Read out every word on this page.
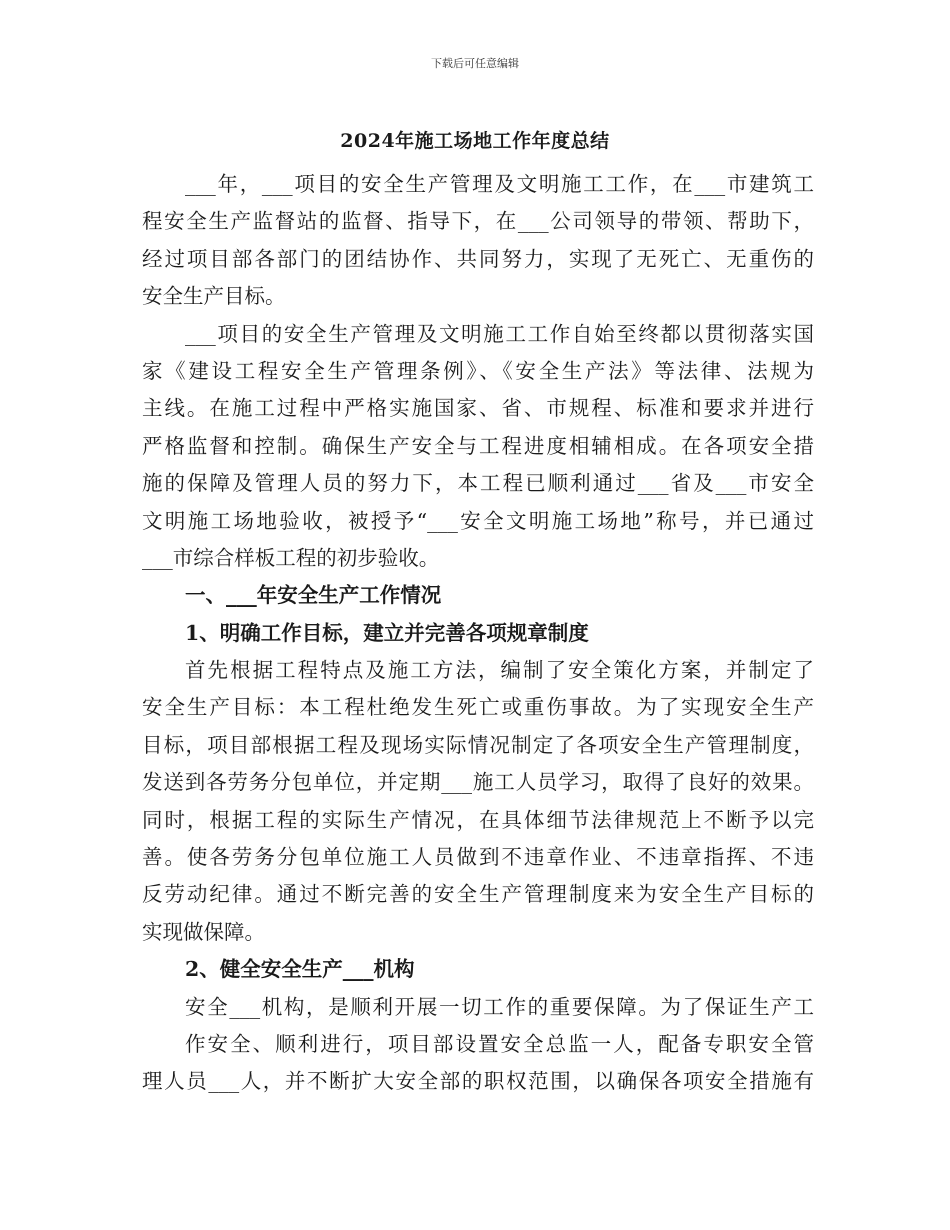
下载后可任意编辑
2024年施工场地工作年度总结
___年，___项目的安全生产管理及文明施工工作，在___市建筑工
程安全生产监督站的监督、指导下，在___公司领导的带领、帮助下，
经过项目部各部门的团结协作、共同努力，实现了无死亡、无重伤的
安全生产目标。
___项目的安全生产管理及文明施工工作自始至终都以贯彻落实国
家《建设工程安全生产管理条例》、《安全生产法》等法律、法规为
主线。在施工过程中严格实施国家、省、市规程、标准和要求并进行
严格监督和控制。确保生产安全与工程进度相辅相成。在各项安全措
施的保障及管理人员的努力下，本工程已顺利通过___省及___市安全
文明施工场地验收，被授予“___安全文明施工场地”称号，并已通过
___市综合样板工程的初步验收。
一、___年安全生产工作情况
1、明确工作目标，建立并完善各项规章制度
首先根据工程特点及施工方法，编制了安全策化方案，并制定了
安全生产目标：本工程杜绝发生死亡或重伤事故。为了实现安全生产
目标，项目部根据工程及现场实际情况制定了各项安全生产管理制度，
发送到各劳务分包单位，并定期___施工人员学习，取得了良好的效果。
同时，根据工程的实际生产情况，在具体细节法律规范上不断予以完
善。使各劳务分包单位施工人员做到不违章作业、不违章指挥、不违
反劳动纪律。通过不断完善的安全生产管理制度来为安全生产目标的
实现做保障。
2、健全安全生产___机构
安全___机构，是顺利开展一切工作的重要保障。为了保证生产工
作安全、顺利进行，项目部设置安全总监一人，配备专职安全管
理人员___人，并不断扩大安全部的职权范围，以确保各项安全措施有
